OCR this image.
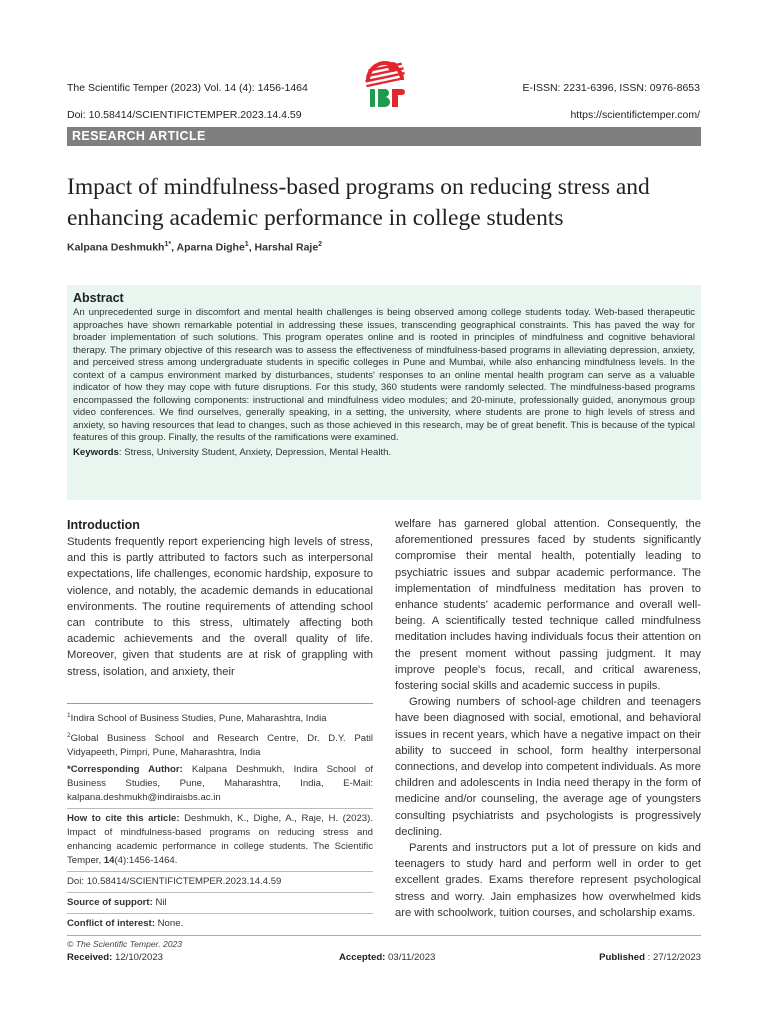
The Scientific Temper (2023) Vol. 14 (4): 1456-1464
Doi: 10.58414/SCIENTIFICTEMPER.2023.14.4.59
E-ISSN: 2231-6396, ISSN: 0976-8653
https://scientifictemper.com/
RESEARCH ARTICLE
Impact of mindfulness-based programs on reducing stress and enhancing academic performance in college students
Kalpana Deshmukh$^{1*}$, Aparna Dighe$^1$, Harshal Raje$^2$
Abstract

An unprecedented surge in discomfort and mental health challenges is being observed among college students today. Web-based therapeutic approaches have shown remarkable potential in addressing these issues, transcending geographical constraints. This has paved the way for broader implementation of such solutions. This program operates online and is rooted in principles of mindfulness and cognitive behavioral therapy. The primary objective of this research was to assess the effectiveness of mindfulness-based programs in alleviating depression, anxiety, and perceived stress among undergraduate students in specific colleges in Pune and Mumbai, while also enhancing mindfulness levels. In the context of a campus environment marked by disturbances, students' responses to an online mental health program can serve as a valuable indicator of how they may cope with future disruptions. For this study, 360 students were randomly selected. The mindfulness-based programs encompassed the following components: instructional and mindfulness video modules; and 20-minute, professionally guided, anonymous group video conferences. We find ourselves, generally speaking, in a setting, the university, where students are prone to high levels of stress and anxiety, so having resources that lead to changes, such as those achieved in this research, may be of great benefit. This is because of the typical features of this group. Finally, the results of the ramifications were examined.

Keywords: Stress, University Student, Anxiety, Depression, Mental Health.
Introduction

Students frequently report experiencing high levels of stress, and this is partly attributed to factors such as interpersonal expectations, life challenges, economic hardship, exposure to violence, and notably, the academic demands in educational environments. The routine requirements of attending school can contribute to this stress, ultimately affecting both academic achievements and the overall quality of life. Moreover, given that students are at risk of grappling with stress, isolation, and anxiety, their

$^1$Indira School of Business Studies, Pune, Maharashtra, India

$^2$Global Business School and Research Centre, Dr. D.Y. Patil Vidyapeeth, Pimpri, Pune, Maharashtra, India

*Corresponding Author: Kalpana Deshmukh, Indira School of Business Studies, Pune, Maharashtra, India, E-Mail: kalpana.deshmukh@indiraisbs.ac.in

How to cite this article: Deshmukh, K., Dighe, A., Raje, H. (2023). Impact of mindfulness-based programs on reducing stress and enhancing academic performance in college students. The Scientific Temper, 14(4):1456-1464.

Doi: 10.58414/SCIENTIFICTEMPER.2023.14.4.59

Source of support: Nil

Conflict of interest: None.

welfare has garnered global attention. Consequently, the aforementioned pressures faced by students significantly compromise their mental health, potentially leading to psychiatric issues and subpar academic performance. The implementation of mindfulness meditation has proven to enhance students' academic performance and overall well-being. A scientifically tested technique called mindfulness meditation includes having individuals focus their attention on the present moment without passing judgment. It may improve people's focus, recall, and critical awareness, fostering social skills and academic success in pupils.

Growing numbers of school-age children and teenagers have been diagnosed with social, emotional, and behavioral issues in recent years, which have a negative impact on their ability to succeed in school, form healthy interpersonal connections, and develop into competent individuals. As more children and adolescents in India need therapy in the form of medicine and/or counseling, the average age of youngsters consulting psychiatrists and psychologists is progressively declining.

Parents and instructors put a lot of pressure on kids and teenagers to study hard and perform well in order to get excellent grades. Exams therefore represent psychological stress and worry. Jain emphasizes how overwhelmed kids are with schoolwork, tuition courses, and scholarship exams.

© The Scientific Temper. 2023
Received: 12/10/2023	Accepted: 03/11/2023	Published : 27/12/2023
